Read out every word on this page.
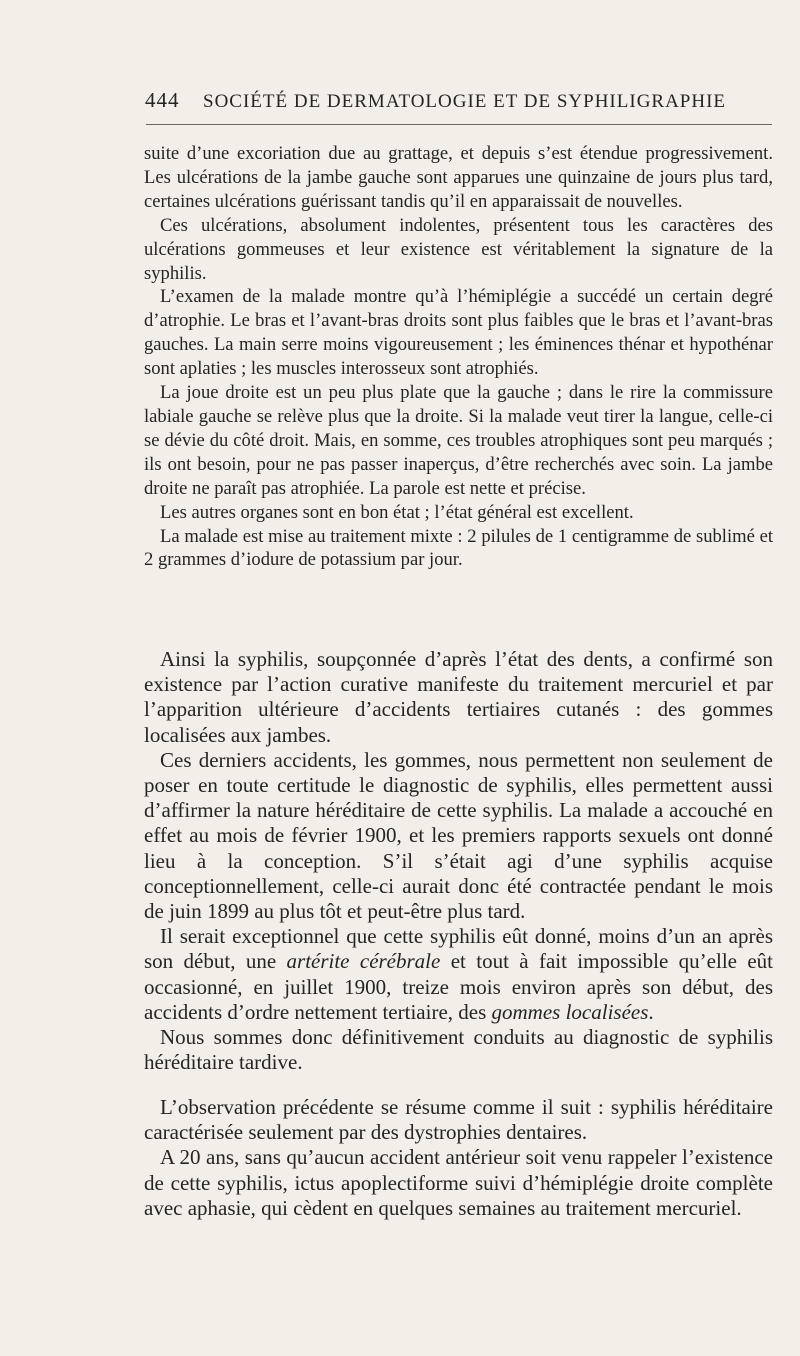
444	SOCIÉTÉ DE DERMATOLOGIE ET DE SYPHILIGRAPHIE

suite d’une excoriation due au grattage, et depuis s’est étendue progressivement. Les ulcérations de la jambe gauche sont apparues une quinzaine de jours plus tard, certaines ulcérations guérissant tandis qu’il en apparaissait de nouvelles.

Ces ulcérations, absolument indolentes, présentent tous les caractères des ulcérations gommeuses et leur existence est véritablement la signature de la syphilis.

L’examen de la malade montre qu’à l’hémiplégie a succédé un certain degré d’atrophie. Le bras et l’avant-bras droits sont plus faibles que le bras et l’avant-bras gauches. La main serre moins vigoureusement ; les éminences thénar et hypothénar sont aplaties ; les muscles interosseux sont atrophiés.

La joue droite est un peu plus plate que la gauche ; dans le rire la commissure labiale gauche se relève plus que la droite. Si la malade veut tirer la langue, celle-ci se dévie du côté droit. Mais, en somme, ces troubles atrophiques sont peu marqués ; ils ont besoin, pour ne pas passer inaperçus, d’être recherchés avec soin. La jambe droite ne paraît pas atrophiée. La parole est nette et précise.

Les autres organes sont en bon état ; l’état général est excellent.

La malade est mise au traitement mixte : 2 pilules de 1 centigramme de sublimé et 2 grammes d’iodure de potassium par jour.

Ainsi la syphilis, soupçonnée d’après l’état des dents, a confirmé son existence par l’action curative manifeste du traitement mercuriel et par l’apparition ultérieure d’accidents tertiaires cutanés : des gommes localisées aux jambes.

Ces derniers accidents, les gommes, nous permettent non seulement de poser en toute certitude le diagnostic de syphilis, elles permettent aussi d’affirmer la nature héréditaire de cette syphilis. La malade a accouché en effet au mois de février 1900, et les premiers rapports sexuels ont donné lieu à la conception. S’il s’était agi d’une syphilis acquise conceptionnellement, celle-ci aurait donc été contractée pendant le mois de juin 1899 au plus tôt et peut-être plus tard.

Il serait exceptionnel que cette syphilis eût donné, moins d’un an après son début, une artérite cérébrale et tout à fait impossible qu’elle eût occasionné, en juillet 1900, treize mois environ après son début, des accidents d’ordre nettement tertiaire, des gommes localisées.

Nous sommes donc définitivement conduits au diagnostic de syphilis héréditaire tardive.

L’observation précédente se résume comme il suit : syphilis héréditaire caractérisée seulement par des dystrophies dentaires.

A 20 ans, sans qu’aucun accident antérieur soit venu rappeler l’existence de cette syphilis, ictus apoplectiforme suivi d’hémiplégie droite complète avec aphasie, qui cèdent en quelques semaines au traitement mercuriel.
